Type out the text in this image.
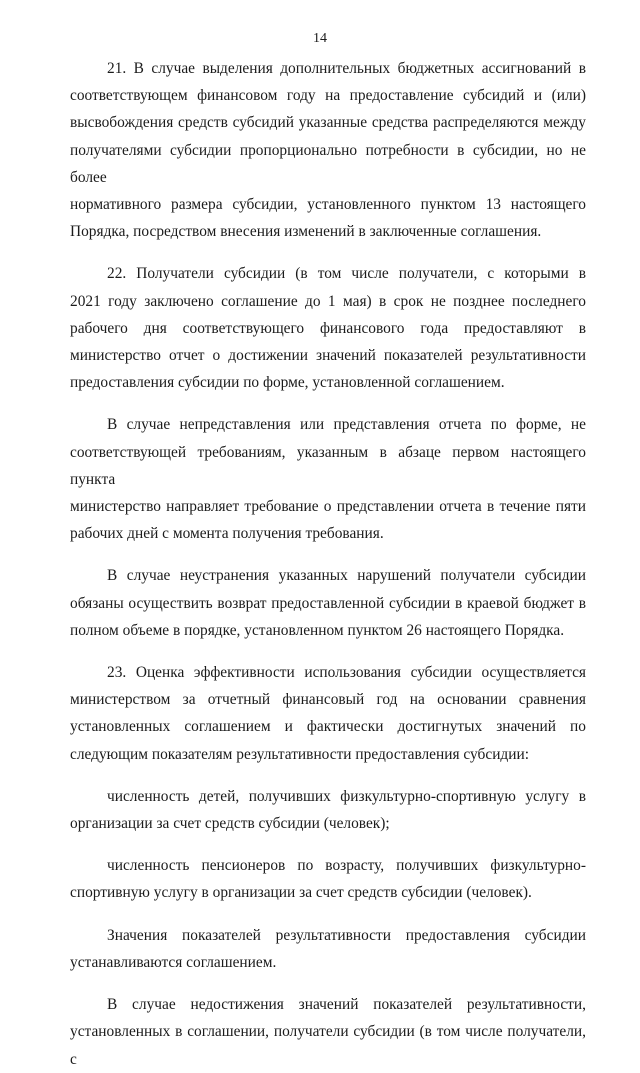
14

21. В случае выделения дополнительных бюджетных ассигнований в
соответствующем финансовом году на предоставление субсидий и (или)
высвобождения средств субсидий указанные средства распределяются между
получателями субсидии пропорционально потребности в субсидии, но не более
нормативного размера субсидии, установленного пунктом 13 настоящего
Порядка, посредством внесения изменений в заключенные соглашения.

22. Получатели субсидии (в том числе получатели, с которыми в
2021 году заключено соглашение до 1 мая) в срок не позднее последнего
рабочего дня соответствующего финансового года предоставляют в
министерство отчет о достижении значений показателей результативности
предоставления субсидии по форме, установленной соглашением.

В случае непредставления или представления отчета по форме, не
соответствующей требованиям, указанным в абзаце первом настоящего пункта
министерство направляет требование о представлении отчета в течение пяти
рабочих дней с момента получения требования.

В случае неустранения указанных нарушений получатели субсидии
обязаны осуществить возврат предоставленной субсидии в краевой бюджет в
полном объеме в порядке, установленном пунктом 26 настоящего Порядка.

23. Оценка эффективности использования субсидии осуществляется
министерством за отчетный финансовый год на основании сравнения
установленных соглашением и фактически достигнутых значений по
следующим показателям результативности предоставления субсидии:

численность детей, получивших физкультурно-спортивную услугу в
организации за счет средств субсидии (человек);

численность пенсионеров по возрасту, получивших физкультурно-
спортивную услугу в организации за счет средств субсидии (человек).

Значения показателей результативности предоставления субсидии
устанавливаются соглашением.

В случае недостижения значений показателей результативности,
установленных в соглашении, получатели субсидии (в том числе получатели, с
